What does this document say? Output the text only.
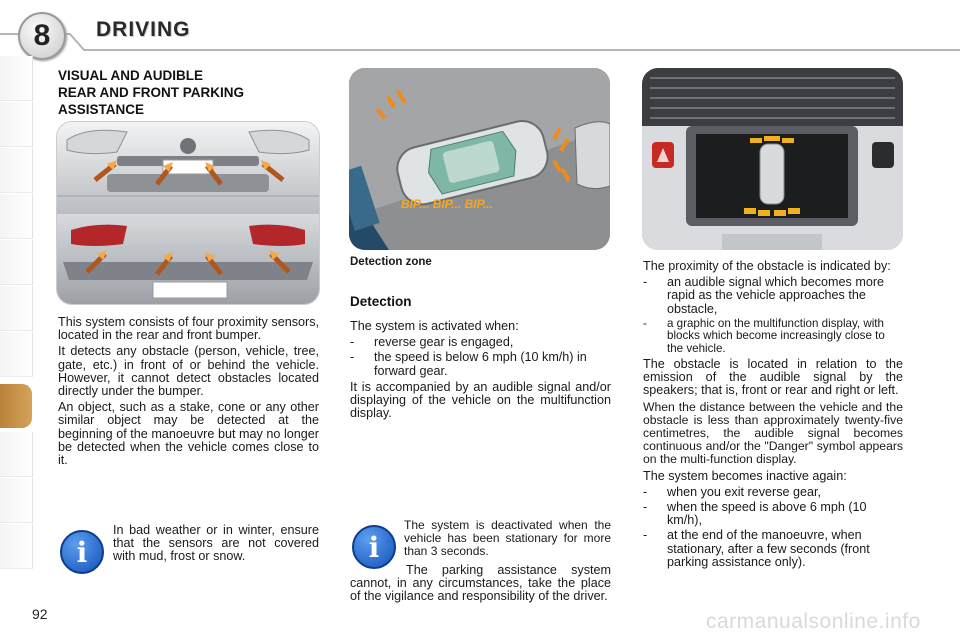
8	DRIVING
VISUAL AND AUDIBLE
REAR AND FRONT PARKING
ASSISTANCE

This system consists of four proximity sensors, located in the rear and front bumper.

It detects any obstacle (person, vehicle, tree, gate, etc.) in front of or behind the vehicle. However, it cannot detect obstacles located directly under the bumper.

An object, such as a stake, cone or any other similar object may be detected at the beginning of the manoeuvre but may no longer be detected when the vehicle comes close to it.

i
In bad weather or in winter, ensure that the sensors are not covered with mud, frost or snow.
BIP... BIP... BIP...
Detection zone
Detection

The system is activated when:

- reverse gear is engaged,
- the speed is below 6 mph (10 km/h) in forward gear.

It is accompanied by an audible signal and/or displaying of the vehicle on the multifunction display.

i
The system is deactivated when the vehicle has been stationary for more than 3 seconds.
The parking assistance system cannot, in any circumstances, take the place of the vigilance and responsibility of the driver.

The proximity of the obstacle is indicated by:

- an audible signal which becomes more rapid as the vehicle approaches the obstacle,
- a graphic on the multifunction display, with blocks which become increasingly close to the vehicle.

The obstacle is located in relation to the emission of the audible signal by the speakers; that is, front or rear and right or left.

When the distance between the vehicle and the obstacle is less than approximately twenty-five centimetres, the audible signal becomes continuous and/or the "Danger" symbol appears on the multi-function display.

The system becomes inactive again:

- when you exit reverse gear,
- when the speed is above 6 mph (10 km/h),
- at the end of the manoeuvre, when stationary, after a few seconds (front parking assistance only).
92	carmanualsonline.info
